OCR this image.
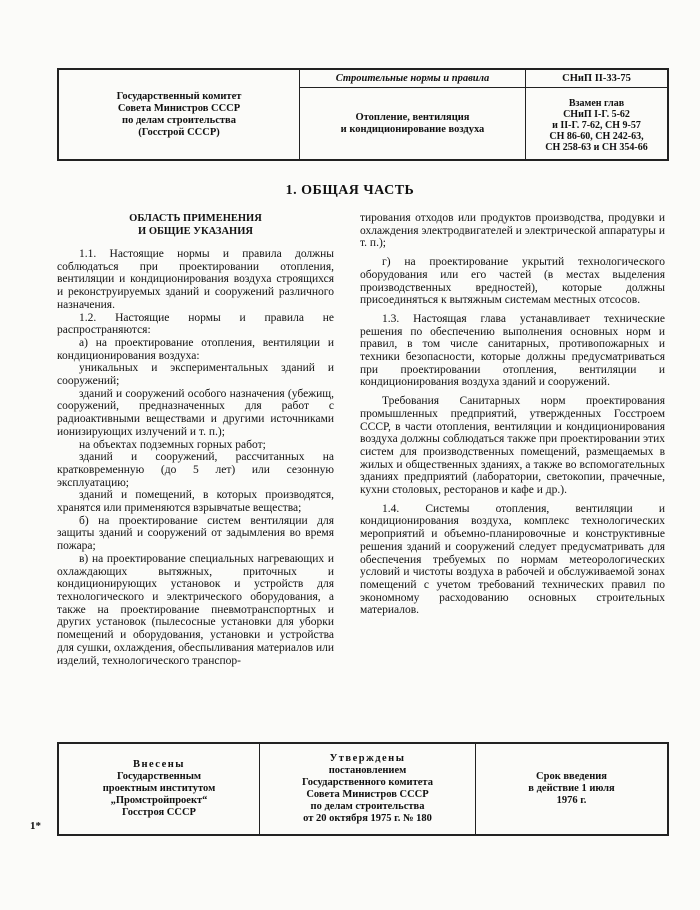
Государственный комитет
Совета Министров СССР
по делам строительства
(Госстрой СССР)
Строительные нормы и правила
Отопление, вентиляция
и кондиционирование воздуха
СНиП II-33-75
Взамен глав
СНиП I-Г. 5-62
и II-Г. 7-62, СН 9-57
СН 86-60, СН 242-63,
СН 258-63 и СН 354-66
1. ОБЩАЯ ЧАСТЬ

ОБЛАСТЬ ПРИМЕНЕНИЯ
И ОБЩИЕ УКАЗАНИЯ

1.1. Настоящие нормы и правила должны соблюдаться при проектировании отопления, вентиляции и кондиционирования воздуха строящихся и реконструируемых зданий и сооружений различного назначения.

1.2. Настоящие нормы и правила не распространяются:

а) на проектирование отопления, вентиляции и кондиционирования воздуха:

уникальных и экспериментальных зданий и сооружений;

зданий и сооружений особого назначения (убежищ, сооружений, предназначенных для работ с радиоактивными веществами и другими источниками ионизирующих излучений и т. п.);

на объектах подземных горных работ;

зданий и сооружений, рассчитанных на кратковременную (до 5 лет) или сезонную эксплуатацию;

зданий и помещений, в которых производятся, хранятся или применяются взрывчатые вещества;

б) на проектирование систем вентиляции для защиты зданий и сооружений от задымления во время пожара;

в) на проектирование специальных нагревающих и охлаждающих вытяжных, приточных и кондиционирующих установок и устройств для технологического и электрического оборудования, а также на проектирование пневмотранспортных и других установок (пылесосные установки для уборки помещений и оборудования, установки и устройства для сушки, охлаждения, обеспыливания материалов или изделий, технологического транспор-

тирования отходов или продуктов производства, продувки и охлаждения электродвигателей и электрической аппаратуры и т. п.);

г) на проектирование укрытий технологического оборудования или его частей (в местах выделения производственных вредностей), которые должны присоединяться к вытяжным системам местных отсосов.

1.3. Настоящая глава устанавливает технические решения по обеспечению выполнения основных норм и правил, в том числе санитарных, противопожарных и техники безопасности, которые должны предусматриваться при проектировании отопления, вентиляции и кондиционирования воздуха зданий и сооружений.

Требования Санитарных норм проектирования промышленных предприятий, утвержденных Госстроем СССР, в части отопления, вентиляции и кондиционирования воздуха должны соблюдаться также при проектировании этих систем для производственных помещений, размещаемых в жилых и общественных зданиях, а также во вспомогательных зданиях предприятий (лаборатории, светокопии, прачечные, кухни столовых, ресторанов и кафе и др.).

1.4. Системы отопления, вентиляции и кондиционирования воздуха, комплекс технологических мероприятий и объемно-планировочные и конструктивные решения зданий и сооружений следует предусматривать для обеспечения требуемых по нормам метеорологических условий и чистоты воздуха в рабочей и обслуживаемой зонах помещений с учетом требований технических правил по экономному расходованию основных строительных материалов.

Внесены
Государственным
проектным институтом
„Промстройпроект“
Госстроя СССР
Утверждены
постановлением
Государственного комитета
Совета Министров СССР
по делам строительства
от 20 октября 1975 г. № 180
Срок введения
в действие 1 июля
1976 г.
1*
